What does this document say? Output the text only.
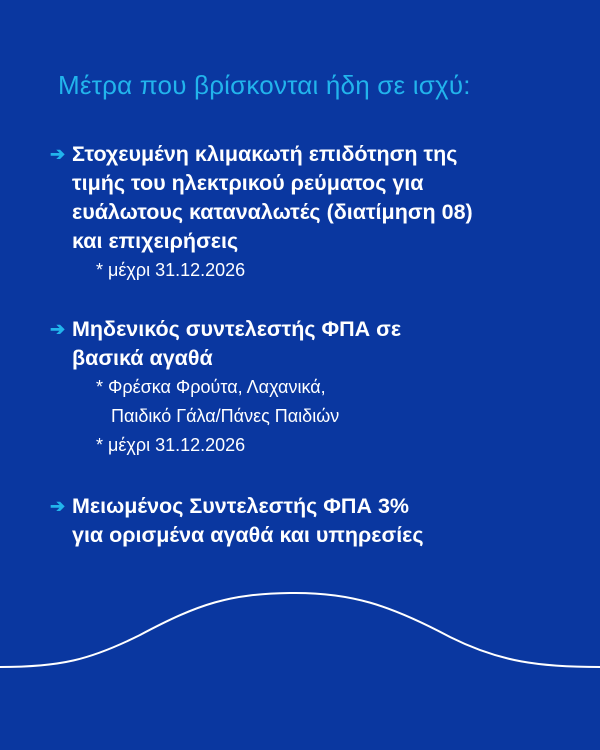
Μέτρα που βρίσκονται ήδη σε ισχύ:
➔ Στοχευμένη κλιμακωτή επιδότηση της
τιμής του ηλεκτρικού ρεύματος για
ευάλωτους καταναλωτές (διατίμηση 08)
και επιχειρήσεις
* μέχρι 31.12.2026
➔ Μηδενικός συντελεστής ΦΠΑ σε
βασικά αγαθά
* Φρέσκα Φρούτα, Λαχανικά,
Παιδικό Γάλα/Πάνες Παιδιών
* μέχρι 31.12.2026
➔ Μειωμένος Συντελεστής ΦΠΑ 3%
για ορισμένα αγαθά και υπηρεσίες
